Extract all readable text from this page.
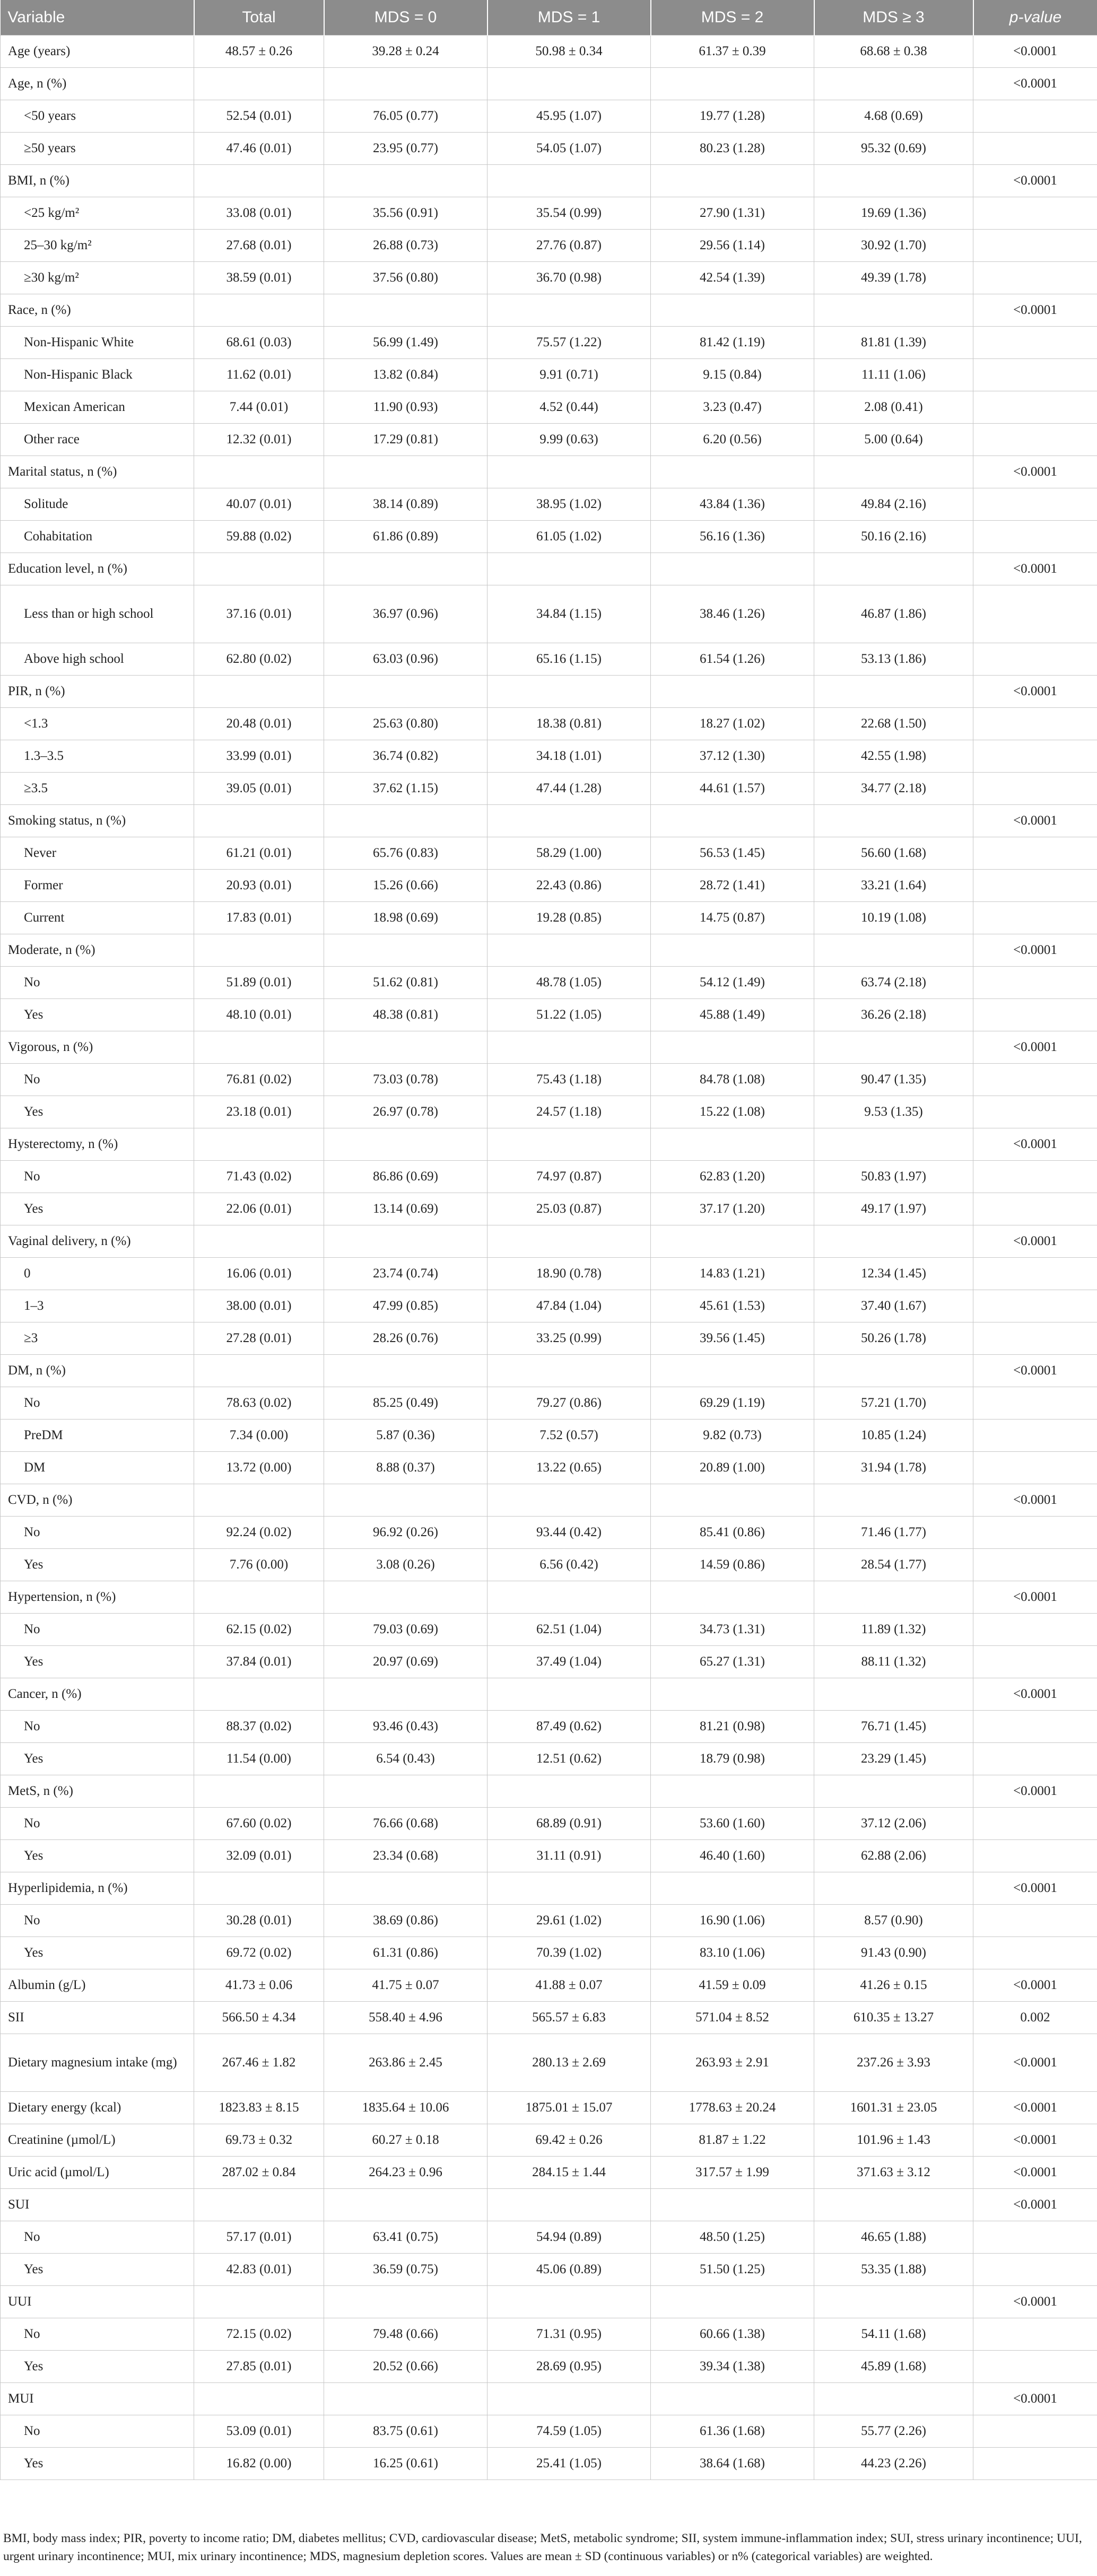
Variable	Total	MDS = 0	MDS = 1	MDS = 2	MDS ≥ 3	p-value
Age (years)	48.57 ± 0.26	39.28 ± 0.24	50.98 ± 0.34	61.37 ± 0.39	68.68 ± 0.38	<0.0001
Age, n (%)						<0.0001
<50 years	52.54 (0.01)	76.05 (0.77)	45.95 (1.07)	19.77 (1.28)	4.68 (0.69)	
≥50 years	47.46 (0.01)	23.95 (0.77)	54.05 (1.07)	80.23 (1.28)	95.32 (0.69)	
BMI, n (%)						<0.0001
<25 kg/m²	33.08 (0.01)	35.56 (0.91)	35.54 (0.99)	27.90 (1.31)	19.69 (1.36)	
25–30 kg/m²	27.68 (0.01)	26.88 (0.73)	27.76 (0.87)	29.56 (1.14)	30.92 (1.70)	
≥30 kg/m²	38.59 (0.01)	37.56 (0.80)	36.70 (0.98)	42.54 (1.39)	49.39 (1.78)	
Race, n (%)						<0.0001
Non-Hispanic White	68.61 (0.03)	56.99 (1.49)	75.57 (1.22)	81.42 (1.19)	81.81 (1.39)	
Non-Hispanic Black	11.62 (0.01)	13.82 (0.84)	9.91 (0.71)	9.15 (0.84)	11.11 (1.06)	
Mexican American	7.44 (0.01)	11.90 (0.93)	4.52 (0.44)	3.23 (0.47)	2.08 (0.41)	
Other race	12.32 (0.01)	17.29 (0.81)	9.99 (0.63)	6.20 (0.56)	5.00 (0.64)	
Marital status, n (%)						<0.0001
Solitude	40.07 (0.01)	38.14 (0.89)	38.95 (1.02)	43.84 (1.36)	49.84 (2.16)	
Cohabitation	59.88 (0.02)	61.86 (0.89)	61.05 (1.02)	56.16 (1.36)	50.16 (2.16)	
Education level, n (%)						<0.0001
Less than or high school	37.16 (0.01)	36.97 (0.96)	34.84 (1.15)	38.46 (1.26)	46.87 (1.86)	
Above high school	62.80 (0.02)	63.03 (0.96)	65.16 (1.15)	61.54 (1.26)	53.13 (1.86)	
PIR, n (%)						<0.0001
<1.3	20.48 (0.01)	25.63 (0.80)	18.38 (0.81)	18.27 (1.02)	22.68 (1.50)	
1.3–3.5	33.99 (0.01)	36.74 (0.82)	34.18 (1.01)	37.12 (1.30)	42.55 (1.98)	
≥3.5	39.05 (0.01)	37.62 (1.15)	47.44 (1.28)	44.61 (1.57)	34.77 (2.18)	
Smoking status, n (%)						<0.0001
Never	61.21 (0.01)	65.76 (0.83)	58.29 (1.00)	56.53 (1.45)	56.60 (1.68)	
Former	20.93 (0.01)	15.26 (0.66)	22.43 (0.86)	28.72 (1.41)	33.21 (1.64)	
Current	17.83 (0.01)	18.98 (0.69)	19.28 (0.85)	14.75 (0.87)	10.19 (1.08)	
Moderate, n (%)						<0.0001
No	51.89 (0.01)	51.62 (0.81)	48.78 (1.05)	54.12 (1.49)	63.74 (2.18)	
Yes	48.10 (0.01)	48.38 (0.81)	51.22 (1.05)	45.88 (1.49)	36.26 (2.18)	
Vigorous, n (%)						<0.0001
No	76.81 (0.02)	73.03 (0.78)	75.43 (1.18)	84.78 (1.08)	90.47 (1.35)	
Yes	23.18 (0.01)	26.97 (0.78)	24.57 (1.18)	15.22 (1.08)	9.53 (1.35)	
Hysterectomy, n (%)						<0.0001
No	71.43 (0.02)	86.86 (0.69)	74.97 (0.87)	62.83 (1.20)	50.83 (1.97)	
Yes	22.06 (0.01)	13.14 (0.69)	25.03 (0.87)	37.17 (1.20)	49.17 (1.97)	
Vaginal delivery, n (%)						<0.0001
0	16.06 (0.01)	23.74 (0.74)	18.90 (0.78)	14.83 (1.21)	12.34 (1.45)	
1–3	38.00 (0.01)	47.99 (0.85)	47.84 (1.04)	45.61 (1.53)	37.40 (1.67)	
≥3	27.28 (0.01)	28.26 (0.76)	33.25 (0.99)	39.56 (1.45)	50.26 (1.78)	
DM, n (%)						<0.0001
No	78.63 (0.02)	85.25 (0.49)	79.27 (0.86)	69.29 (1.19)	57.21 (1.70)	
PreDM	7.34 (0.00)	5.87 (0.36)	7.52 (0.57)	9.82 (0.73)	10.85 (1.24)	
DM	13.72 (0.00)	8.88 (0.37)	13.22 (0.65)	20.89 (1.00)	31.94 (1.78)	
CVD, n (%)						<0.0001
No	92.24 (0.02)	96.92 (0.26)	93.44 (0.42)	85.41 (0.86)	71.46 (1.77)	
Yes	7.76 (0.00)	3.08 (0.26)	6.56 (0.42)	14.59 (0.86)	28.54 (1.77)	
Hypertension, n (%)						<0.0001
No	62.15 (0.02)	79.03 (0.69)	62.51 (1.04)	34.73 (1.31)	11.89 (1.32)	
Yes	37.84 (0.01)	20.97 (0.69)	37.49 (1.04)	65.27 (1.31)	88.11 (1.32)	
Cancer, n (%)						<0.0001
No	88.37 (0.02)	93.46 (0.43)	87.49 (0.62)	81.21 (0.98)	76.71 (1.45)	
Yes	11.54 (0.00)	6.54 (0.43)	12.51 (0.62)	18.79 (0.98)	23.29 (1.45)	
MetS, n (%)						<0.0001
No	67.60 (0.02)	76.66 (0.68)	68.89 (0.91)	53.60 (1.60)	37.12 (2.06)	
Yes	32.09 (0.01)	23.34 (0.68)	31.11 (0.91)	46.40 (1.60)	62.88 (2.06)	
Hyperlipidemia, n (%)						<0.0001
No	30.28 (0.01)	38.69 (0.86)	29.61 (1.02)	16.90 (1.06)	8.57 (0.90)	
Yes	69.72 (0.02)	61.31 (0.86)	70.39 (1.02)	83.10 (1.06)	91.43 (0.90)	
Albumin (g/L)	41.73 ± 0.06	41.75 ± 0.07	41.88 ± 0.07	41.59 ± 0.09	41.26 ± 0.15	<0.0001
SII	566.50 ± 4.34	558.40 ± 4.96	565.57 ± 6.83	571.04 ± 8.52	610.35 ± 13.27	0.002
Dietary magnesium intake (mg)	267.46 ± 1.82	263.86 ± 2.45	280.13 ± 2.69	263.93 ± 2.91	237.26 ± 3.93	<0.0001
Dietary energy (kcal)	1823.83 ± 8.15	1835.64 ± 10.06	1875.01 ± 15.07	1778.63 ± 20.24	1601.31 ± 23.05	<0.0001
Creatinine (µmol/L)	69.73 ± 0.32	60.27 ± 0.18	69.42 ± 0.26	81.87 ± 1.22	101.96 ± 1.43	<0.0001
Uric acid (µmol/L)	287.02 ± 0.84	264.23 ± 0.96	284.15 ± 1.44	317.57 ± 1.99	371.63 ± 3.12	<0.0001
SUI						<0.0001
No	57.17 (0.01)	63.41 (0.75)	54.94 (0.89)	48.50 (1.25)	46.65 (1.88)	
Yes	42.83 (0.01)	36.59 (0.75)	45.06 (0.89)	51.50 (1.25)	53.35 (1.88)	
UUI						<0.0001
No	72.15 (0.02)	79.48 (0.66)	71.31 (0.95)	60.66 (1.38)	54.11 (1.68)	
Yes	27.85 (0.01)	20.52 (0.66)	28.69 (0.95)	39.34 (1.38)	45.89 (1.68)	
MUI						<0.0001
No	53.09 (0.01)	83.75 (0.61)	74.59 (1.05)	61.36 (1.68)	55.77 (2.26)	
Yes	16.82 (0.00)	16.25 (0.61)	25.41 (1.05)	38.64 (1.68)	44.23 (2.26)	
BMI, body mass index; PIR, poverty to income ratio; DM, diabetes mellitus; CVD, cardiovascular disease; MetS, metabolic syndrome; SII, system immune-inflammation index; SUI, stress urinary incontinence; UUI, urgent urinary incontinence; MUI, mix urinary incontinence; MDS, magnesium depletion scores. Values are mean ± SD (continuous variables) or n% (categorical variables) are weighted.
